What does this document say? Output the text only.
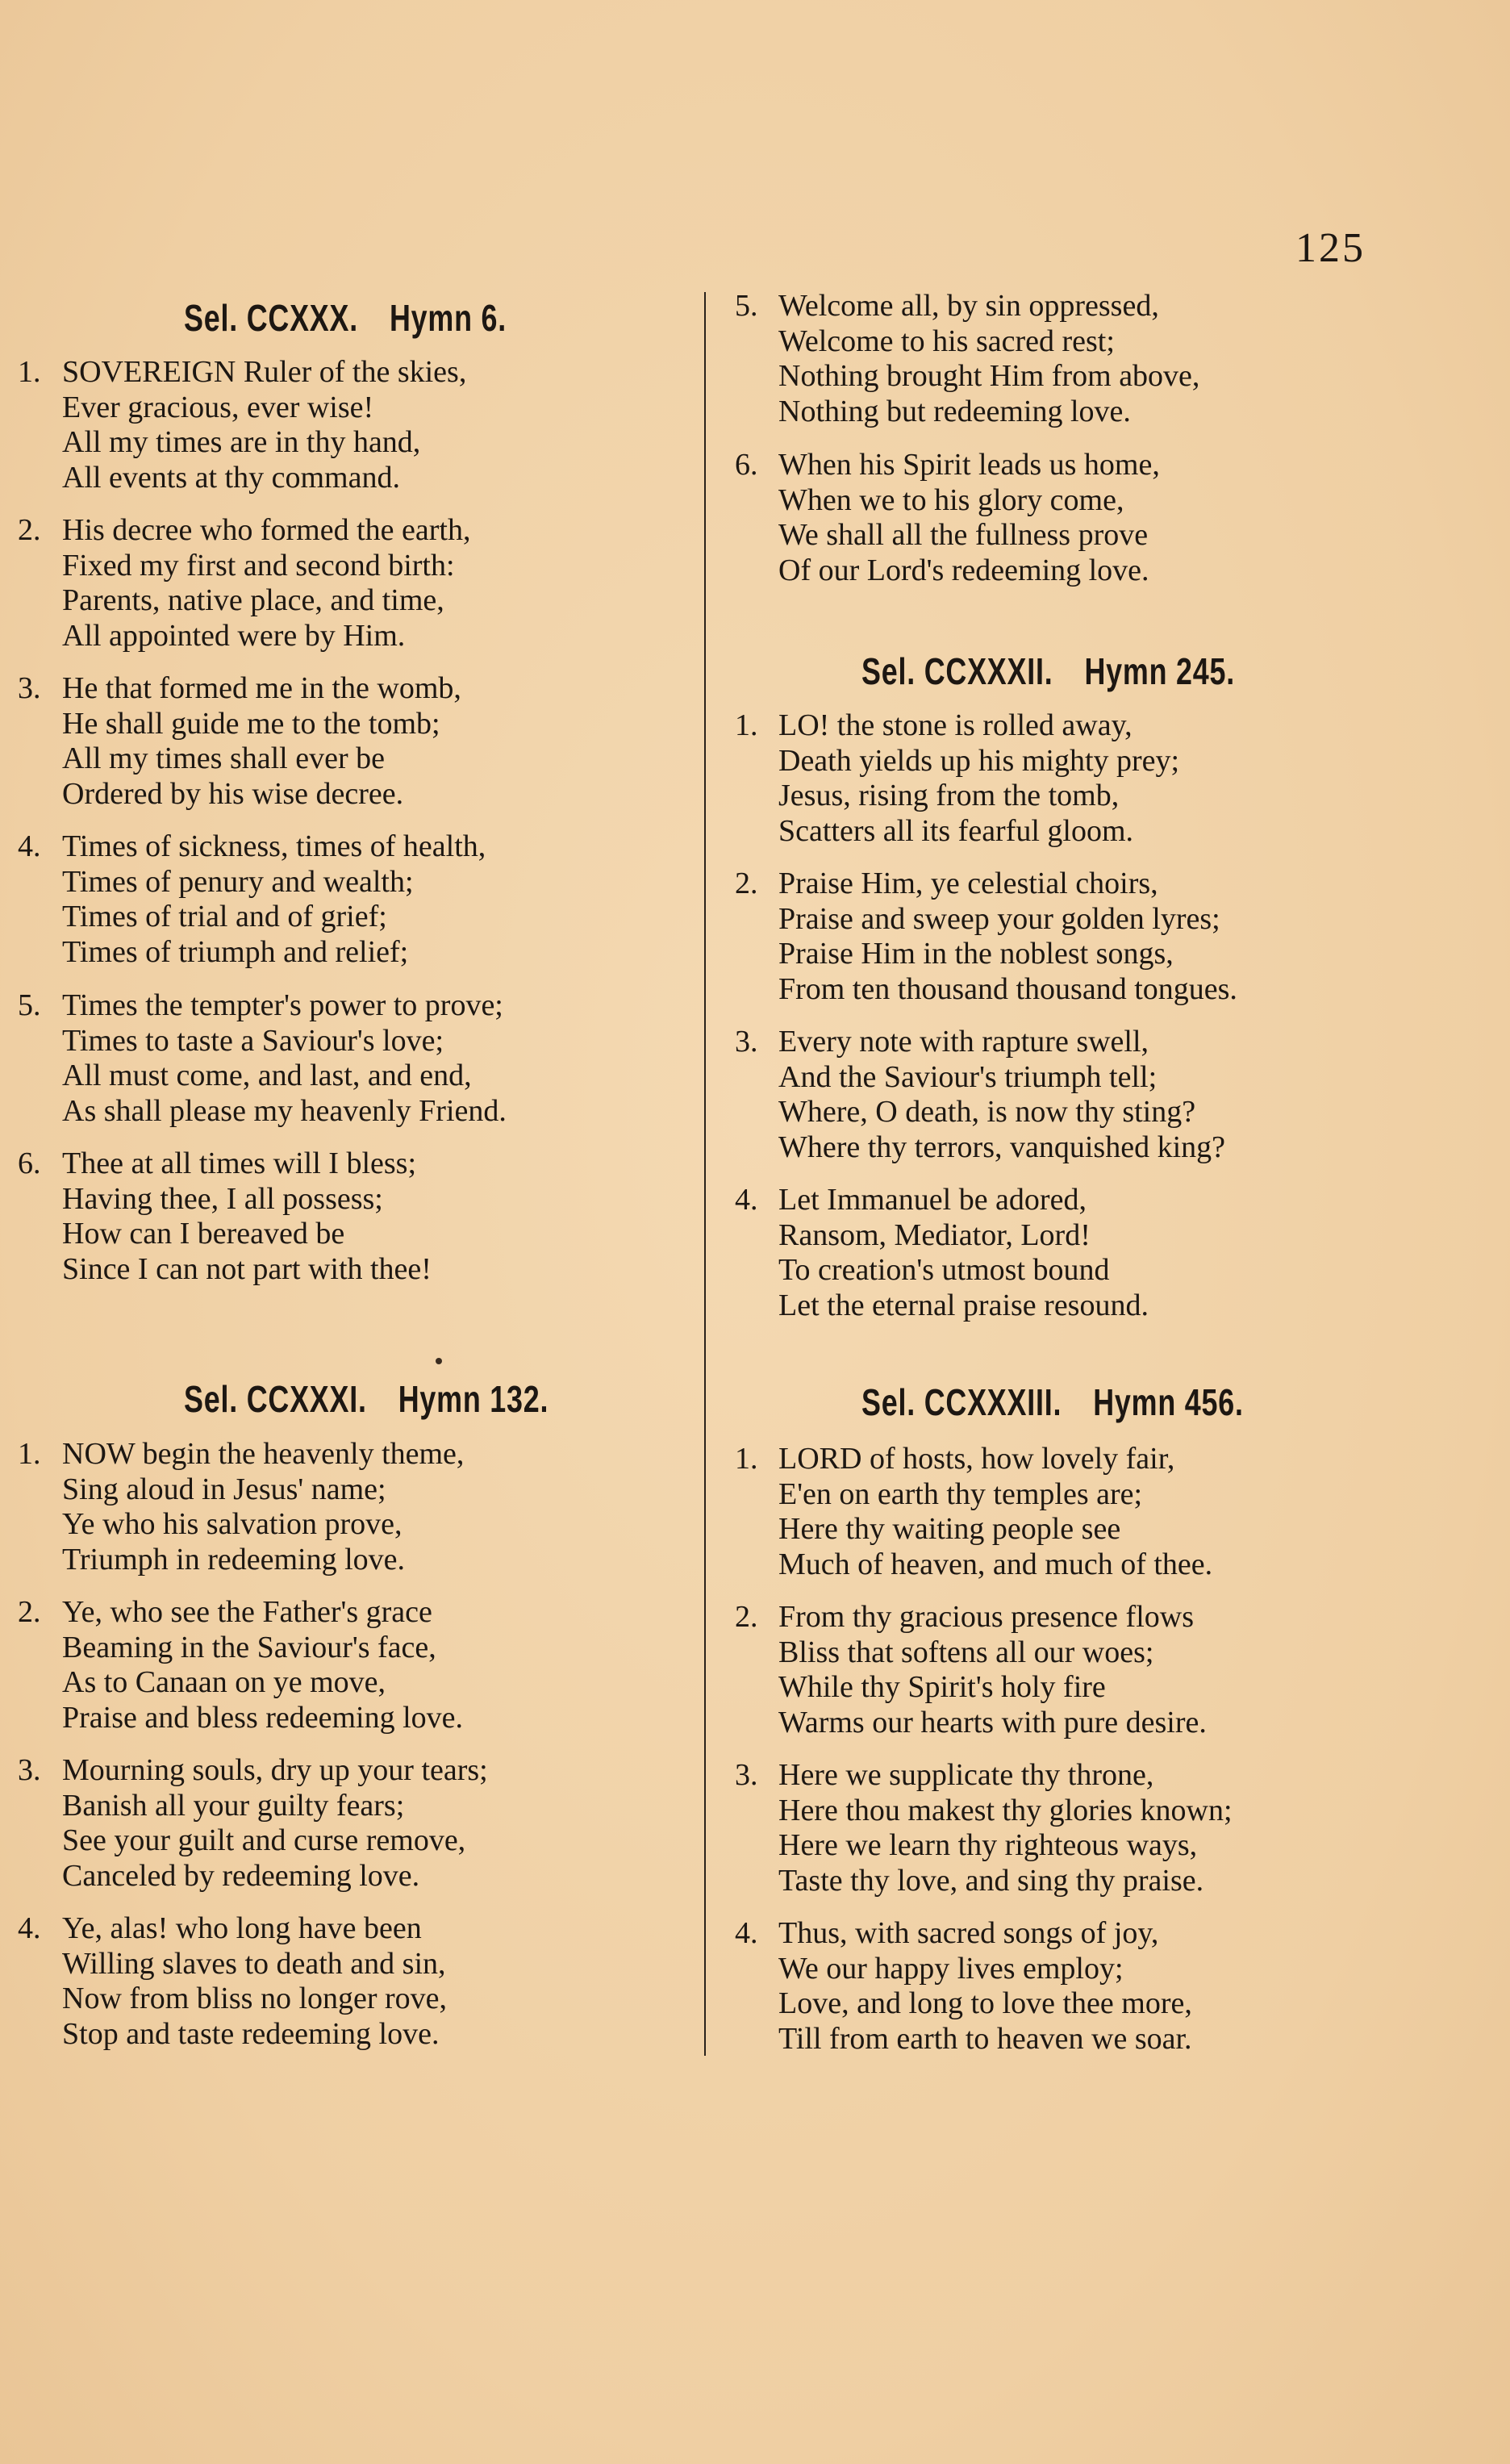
125
Sel. CCXXX. Hymn 6.
1. SOVEREIGN Ruler of the skies,
Ever gracious, ever wise!
All my times are in thy hand,
All events at thy command.
2. His decree who formed the earth,
Fixed my first and second birth:
Parents, native place, and time,
All appointed were by Him.
3. He that formed me in the womb,
He shall guide me to the tomb;
All my times shall ever be
Ordered by his wise decree.
4. Times of sickness, times of health,
Times of penury and wealth;
Times of trial and of grief;
Times of triumph and relief;
5. Times the tempter's power to prove;
Times to taste a Saviour's love;
All must come, and last, and end,
As shall please my heavenly Friend.
6. Thee at all times will I bless;
Having thee, I all possess;
How can I bereaved be
Since I can not part with thee!
Sel. CCXXXI. Hymn 132.
1. NOW begin the heavenly theme,
Sing aloud in Jesus' name;
Ye who his salvation prove,
Triumph in redeeming love.
2. Ye, who see the Father's grace
Beaming in the Saviour's face,
As to Canaan on ye move,
Praise and bless redeeming love.
3. Mourning souls, dry up your tears;
Banish all your guilty fears;
See your guilt and curse remove,
Canceled by redeeming love.
4. Ye, alas! who long have been
Willing slaves to death and sin,
Now from bliss no longer rove,
Stop and taste redeeming love.
5. Welcome all, by sin oppressed,
Welcome to his sacred rest;
Nothing brought Him from above,
Nothing but redeeming love.
6. When his Spirit leads us home,
When we to his glory come,
We shall all the fullness prove
Of our Lord's redeeming love.
Sel. CCXXXII. Hymn 245.
1. LO! the stone is rolled away,
Death yields up his mighty prey;
Jesus, rising from the tomb,
Scatters all its fearful gloom.
2. Praise Him, ye celestial choirs,
Praise and sweep your golden lyres;
Praise Him in the noblest songs,
From ten thousand thousand tongues.
3. Every note with rapture swell,
And the Saviour's triumph tell;
Where, O death, is now thy sting?
Where thy terrors, vanquished king?
4. Let Immanuel be adored,
Ransom, Mediator, Lord!
To creation's utmost bound
Let the eternal praise resound.
Sel. CCXXXIII. Hymn 456.
1. LORD of hosts, how lovely fair,
E'en on earth thy temples are;
Here thy waiting people see
Much of heaven, and much of thee.
2. From thy gracious presence flows
Bliss that softens all our woes;
While thy Spirit's holy fire
Warms our hearts with pure desire.
3. Here we supplicate thy throne,
Here thou makest thy glories known;
Here we learn thy righteous ways,
Taste thy love, and sing thy praise.
4. Thus, with sacred songs of joy,
We our happy lives employ;
Love, and long to love thee more,
Till from earth to heaven we soar.
